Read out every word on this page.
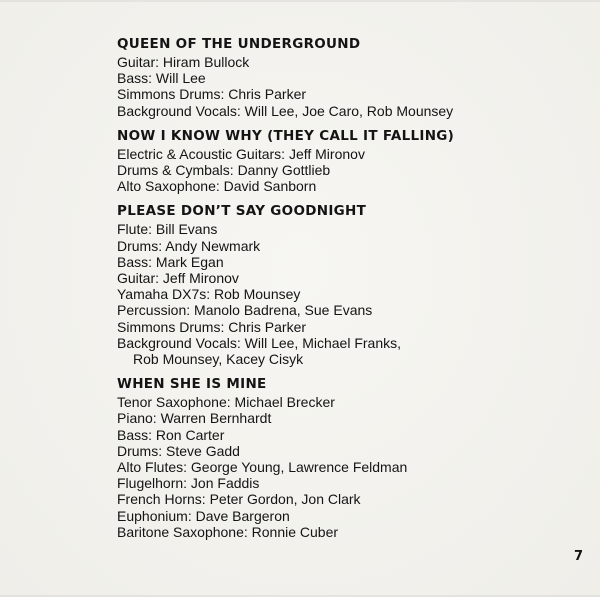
QUEEN OF THE UNDERGROUND
Guitar: Hiram Bullock
Bass: Will Lee
Simmons Drums: Chris Parker
Background Vocals: Will Lee, Joe Caro, Rob Mounsey
NOW I KNOW WHY (THEY CALL IT FALLING)
Electric & Acoustic Guitars: Jeff Mironov
Drums & Cymbals: Danny Gottlieb
Alto Saxophone: David Sanborn
PLEASE DON’T SAY GOODNIGHT
Flute: Bill Evans
Drums: Andy Newmark
Bass: Mark Egan
Guitar: Jeff Mironov
Yamaha DX7s: Rob Mounsey
Percussion: Manolo Badrena, Sue Evans
Simmons Drums: Chris Parker
Background Vocals: Will Lee, Michael Franks,
Rob Mounsey, Kacey Cisyk
WHEN SHE IS MINE
Tenor Saxophone: Michael Brecker
Piano: Warren Bernhardt
Bass: Ron Carter
Drums: Steve Gadd
Alto Flutes: George Young, Lawrence Feldman
Flugelhorn: Jon Faddis
French Horns: Peter Gordon, Jon Clark
Euphonium: Dave Bargeron
Baritone Saxophone: Ronnie Cuber
7
